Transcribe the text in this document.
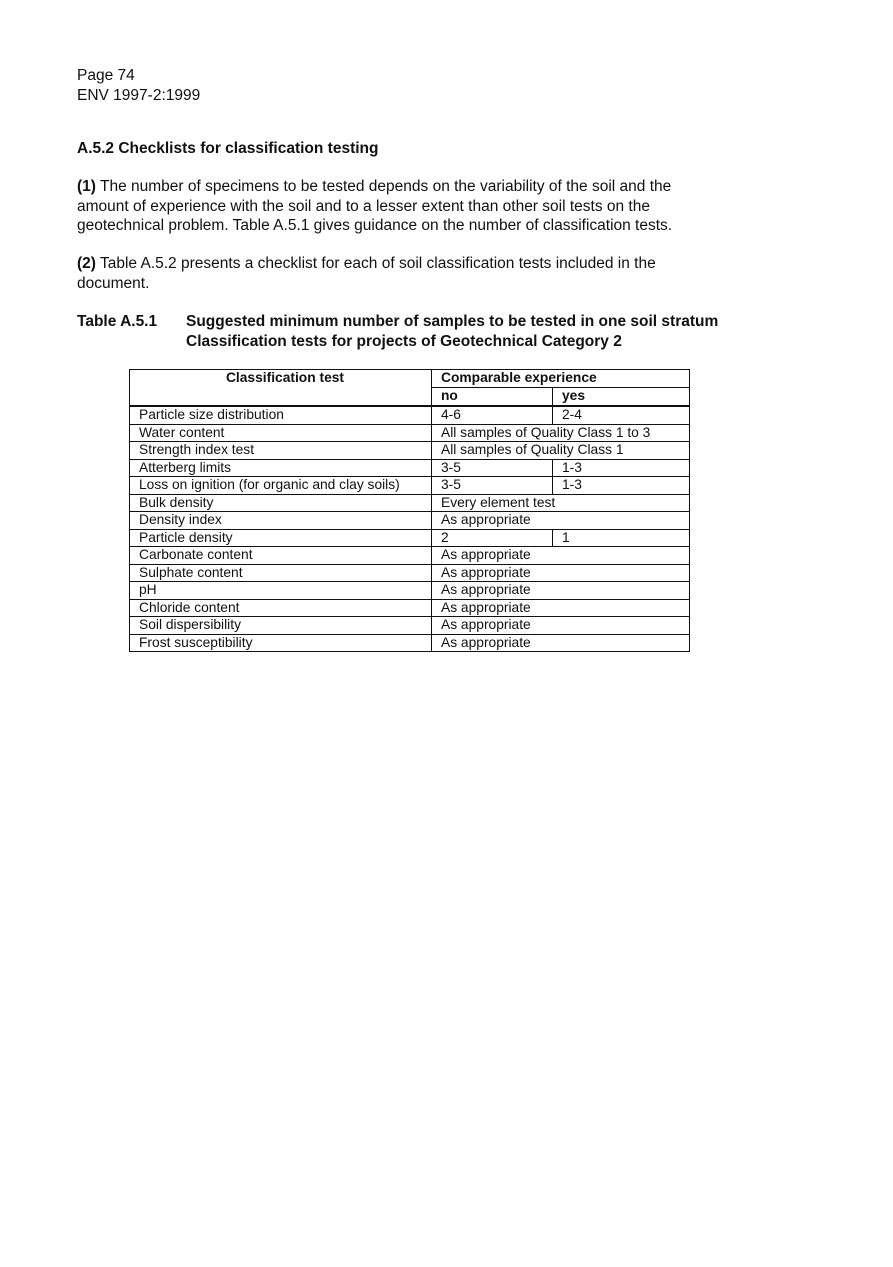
Page 74
ENV 1997-2:1999
A.5.2 Checklists for classification testing
(1) The number of specimens to be tested depends on the variability of the soil and the amount of experience with the soil and to a lesser extent than other soil tests on the geotechnical problem. Table A.5.1 gives guidance on the number of classification tests.
(2) Table A.5.2 presents a checklist for each of soil classification tests included in the document.
Table A.5.1 Suggested minimum number of samples to be tested in one soil stratum Classification tests for projects of Geotechnical Category 2
Classification test	Comparable experience	
	no	yes
Particle size distribution	4-6	2-4
Water content	All samples of Quality Class 1 to 3	
Strength index test	All samples of Quality Class 1	
Atterberg limits	3-5	1-3
Loss on ignition (for organic and clay soils)	3-5	1-3
Bulk density	Every element test	
Density index	As appropriate	
Particle density	2	1
Carbonate content	As appropriate	
Sulphate content	As appropriate	
pH	As appropriate	
Chloride content	As appropriate	
Soil dispersibility	As appropriate	
Frost susceptibility	As appropriate	
